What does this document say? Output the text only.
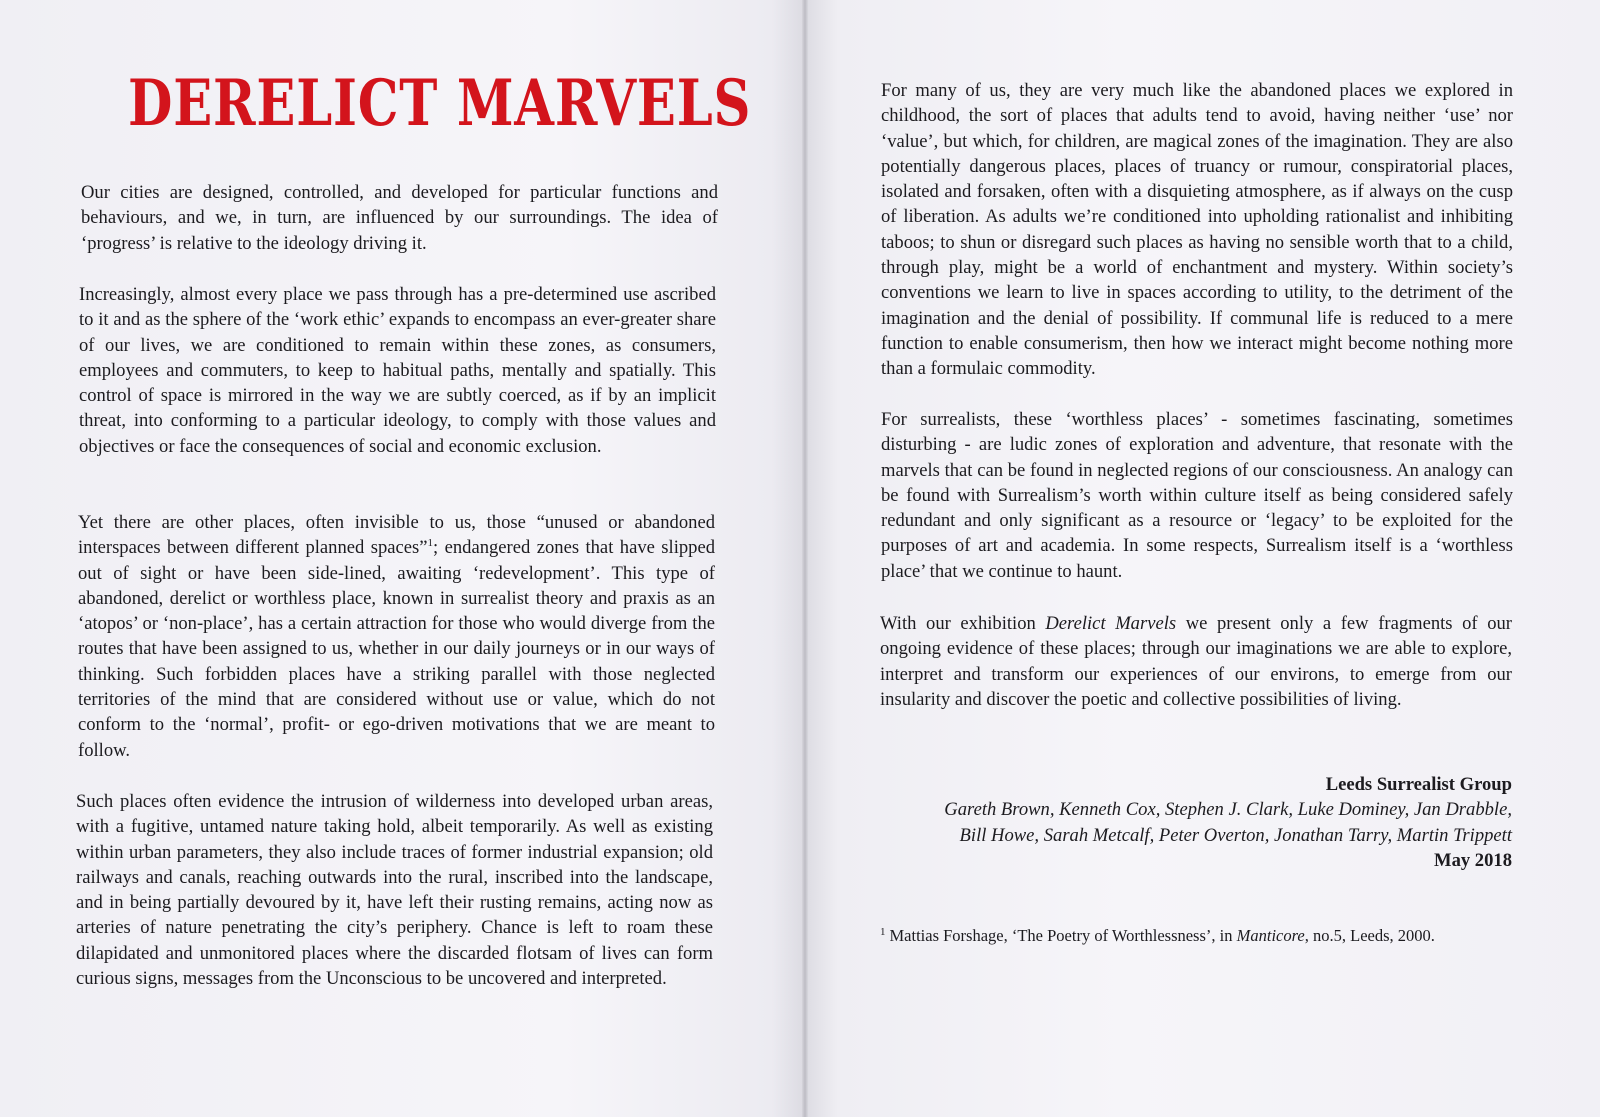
DERELICT MARVELS

Our cities are designed, controlled, and developed for particular functions and behaviours, and we, in turn, are influenced by our surroundings. The idea of ‘progress’ is relative to the ideology driving it.

Increasingly, almost every place we pass through has a pre-determined use ascribed to it and as the sphere of the ‘work ethic’ expands to encompass an ever-greater share of our lives, we are conditioned to remain within these zones, as consumers, employees and commuters, to keep to habitual paths, mentally and spatially. This control of space is mirrored in the way we are subtly coerced, as if by an implicit threat, into conforming to a particular ideology, to comply with those values and objectives or face the consequences of social and economic exclusion.

Yet there are other places, often invisible to us, those “unused or abandoned interspaces between different planned spaces”$^1$; endangered zones that have slipped out of sight or have been side-lined, awaiting ‘redevelopment’. This type of abandoned, derelict or worthless place, known in surrealist theory and praxis as an ‘atopos’ or ‘non-place’, has a certain attraction for those who would diverge from the routes that have been assigned to us, whether in our daily journeys or in our ways of thinking. Such forbidden places have a striking parallel with those neglected territories of the mind that are considered without use or value, which do not conform to the ‘normal’, profit- or ego-driven motivations that we are meant to follow.

Such places often evidence the intrusion of wilderness into developed urban areas, with a fugitive, untamed nature taking hold, albeit temporarily. As well as existing within urban parameters, they also include traces of former industrial expansion; old railways and canals, reaching outwards into the rural, inscribed into the landscape, and in being partially devoured by it, have left their rusting remains, acting now as arteries of nature penetrating the city’s periphery. Chance is left to roam these dilapidated and unmonitored places where the discarded flotsam of lives can form curious signs, messages from the Unconscious to be uncovered and interpreted.

For many of us, they are very much like the abandoned places we explored in childhood, the sort of places that adults tend to avoid, having neither ‘use’ nor ‘value’, but which, for children, are magical zones of the imagination. They are also potentially dangerous places, places of truancy or rumour, conspiratorial places, isolated and forsaken, often with a disquieting atmosphere, as if always on the cusp of liberation. As adults we’re conditioned into upholding rationalist and inhibiting taboos; to shun or disregard such places as having no sensible worth that to a child, through play, might be a world of enchantment and mystery. Within society’s conventions we learn to live in spaces according to utility, to the detriment of the imagination and the denial of possibility. If communal life is reduced to a mere function to enable consumerism, then how we interact might become nothing more than a formulaic commodity.

For surrealists, these ‘worthless places’ - sometimes fascinating, sometimes disturbing - are ludic zones of exploration and adventure, that resonate with the marvels that can be found in neglected regions of our consciousness. An analogy can be found with Surrealism’s worth within culture itself as being considered safely redundant and only significant as a resource or ‘legacy’ to be exploited for the purposes of art and academia. In some respects, Surrealism itself is a ‘worthless place’ that we continue to haunt.

With our exhibition Derelict Marvels we present only a few fragments of our ongoing evidence of these places; through our imaginations we are able to explore, interpret and transform our experiences of our environs, to emerge from our insularity and discover the poetic and collective possibilities of living.

Leeds Surrealist Group
Gareth Brown, Kenneth Cox, Stephen J. Clark, Luke Dominey, Jan Drabble,
Bill Howe, Sarah Metcalf, Peter Overton, Jonathan Tarry, Martin Trippett
May 2018

$^1$ Mattias Forshage, ‘The Poetry of Worthlessness’, in Manticore, no.5, Leeds, 2000.
